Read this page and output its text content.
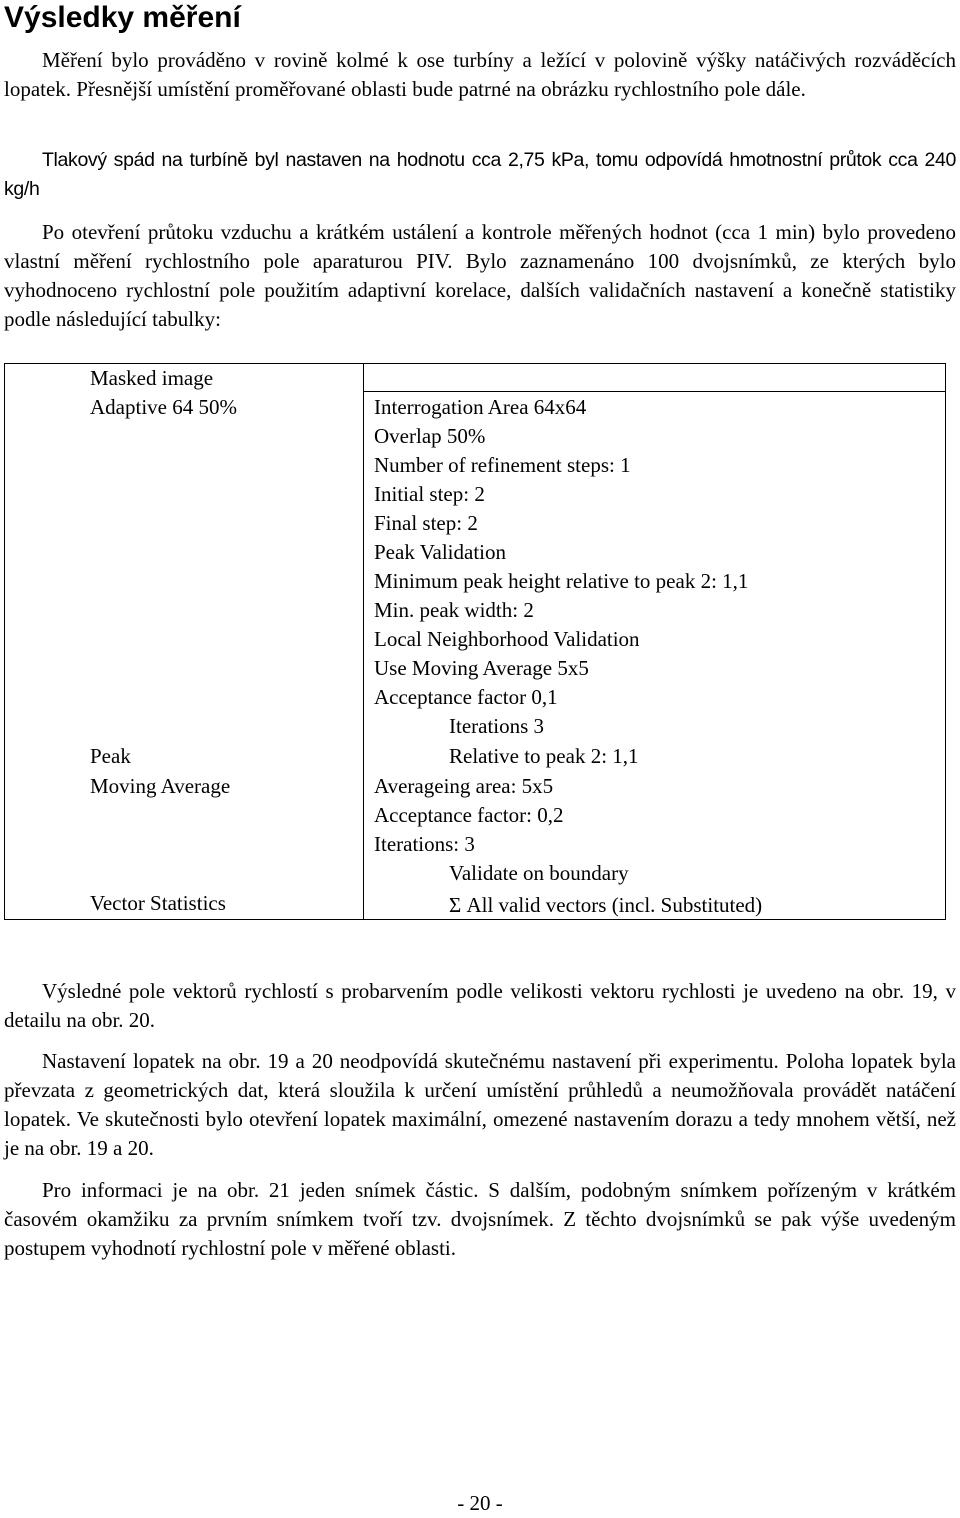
Výsledky měření

Měření bylo prováděno v rovině kolmé k ose turbíny a ležící v polovině výšky natáčivých rozváděcích lopatek. Přesnější umístění proměřované oblasti bude patrné na obrázku rychlostního pole dále.

Tlakový spád na turbíně byl nastaven na hodnotu cca 2,75 kPa, tomu odpovídá hmotnostní průtok cca 240 kg/h

Po otevření průtoku vzduchu a krátkém ustálení a kontrole měřených hodnot (cca 1 min) bylo provedeno vlastní měření rychlostního pole aparaturou PIV. Bylo zaznamenáno 100 dvojsnímků, ze kterých bylo vyhodnoceno rychlostní pole použitím adaptivní korelace, dalších validačních nastavení a konečně statistiky podle následující tabulky:

Masked image
Adaptive 64 50%	Interrogation Area 64x64
Overlap 50%
Number of refinement steps: 1
Initial step: 2
Final step: 2
Peak Validation
Minimum peak height relative to peak 2: 1,1
Min. peak width: 2
Local Neighborhood Validation
Use Moving Average 5x5
Acceptance factor 0,1
Iterations 3
Peak	Relative to peak 2: 1,1
Moving Average	Averageing area: 5x5
Acceptance factor: 0,2
Iterations: 3
Validate on boundary
Vector Statistics	Σ All valid vectors (incl. Substituted)

Výsledné pole vektorů rychlostí s probarvením podle velikosti vektoru rychlosti je uvedeno na obr. 19, v detailu na obr. 20.

Nastavení lopatek na obr. 19 a 20 neodpovídá skutečnému nastavení při experimentu. Poloha lopatek byla převzata z geometrických dat, která sloužila k určení umístění průhledů a neumožňovala provádět natáčení lopatek. Ve skutečnosti bylo otevření lopatek maximální, omezené nastavením dorazu a tedy mnohem větší, než je na obr. 19 a 20.

Pro informaci je na obr. 21 jeden snímek částic. S dalším, podobným snímkem pořízeným v krátkém časovém okamžiku za prvním snímkem tvoří tzv. dvojsnímek. Z těchto dvojsnímků se pak výše uvedeným postupem vyhodnotí rychlostní pole v měřené oblasti.

- 20 -
